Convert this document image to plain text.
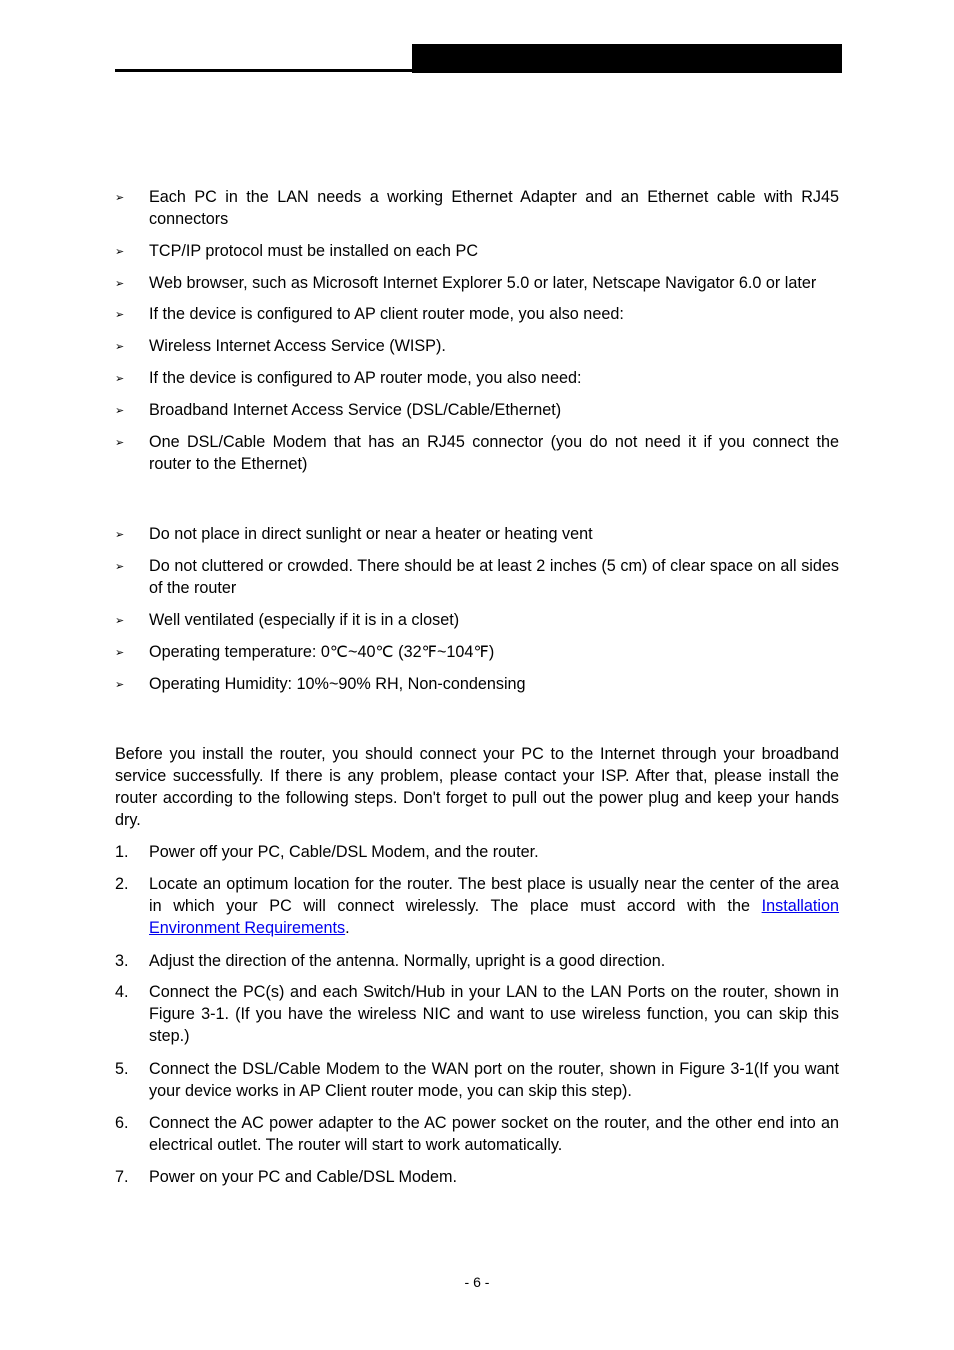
➢ Each PC in the LAN needs a working Ethernet Adapter and an Ethernet cable with RJ45 connectors
➢ TCP/IP protocol must be installed on each PC
➢ Web browser, such as Microsoft Internet Explorer 5.0 or later, Netscape Navigator 6.0 or later
➢ If the device is configured to AP client router mode, you also need:
➢ Wireless Internet Access Service (WISP).
➢ If the device is configured to AP router mode, you also need:
➢ Broadband Internet Access Service (DSL/Cable/Ethernet)
➢ One DSL/Cable Modem that has an RJ45 connector (you do not need it if you connect the router to the Ethernet)
➢ Do not place in direct sunlight or near a heater or heating vent
➢ Do not cluttered or crowded. There should be at least 2 inches (5 cm) of clear space on all sides of the router
➢ Well ventilated (especially if it is in a closet)
➢ Operating temperature: 0℃~40℃ (32℉~104℉)
➢ Operating Humidity: 10%~90% RH, Non-condensing
Before you install the router, you should connect your PC to the Internet through your broadband service successfully. If there is any problem, please contact your ISP. After that, please install the router according to the following steps. Don't forget to pull out the power plug and keep your hands dry.
1. Power off your PC, Cable/DSL Modem, and the router.
2. Locate an optimum location for the router. The best place is usually near the center of the area in which your PC will connect wirelessly. The place must accord with the Installation Environment Requirements.
3. Adjust the direction of the antenna. Normally, upright is a good direction.
4. Connect the PC(s) and each Switch/Hub in your LAN to the LAN Ports on the router, shown in Figure 3-1. (If you have the wireless NIC and want to use wireless function, you can skip this step.)
5. Connect the DSL/Cable Modem to the WAN port on the router, shown in Figure 3-1(If you want your device works in AP Client router mode, you can skip this step).
6. Connect the AC power adapter to the AC power socket on the router, and the other end into an electrical outlet. The router will start to work automatically.
7. Power on your PC and Cable/DSL Modem.
- 6 -
